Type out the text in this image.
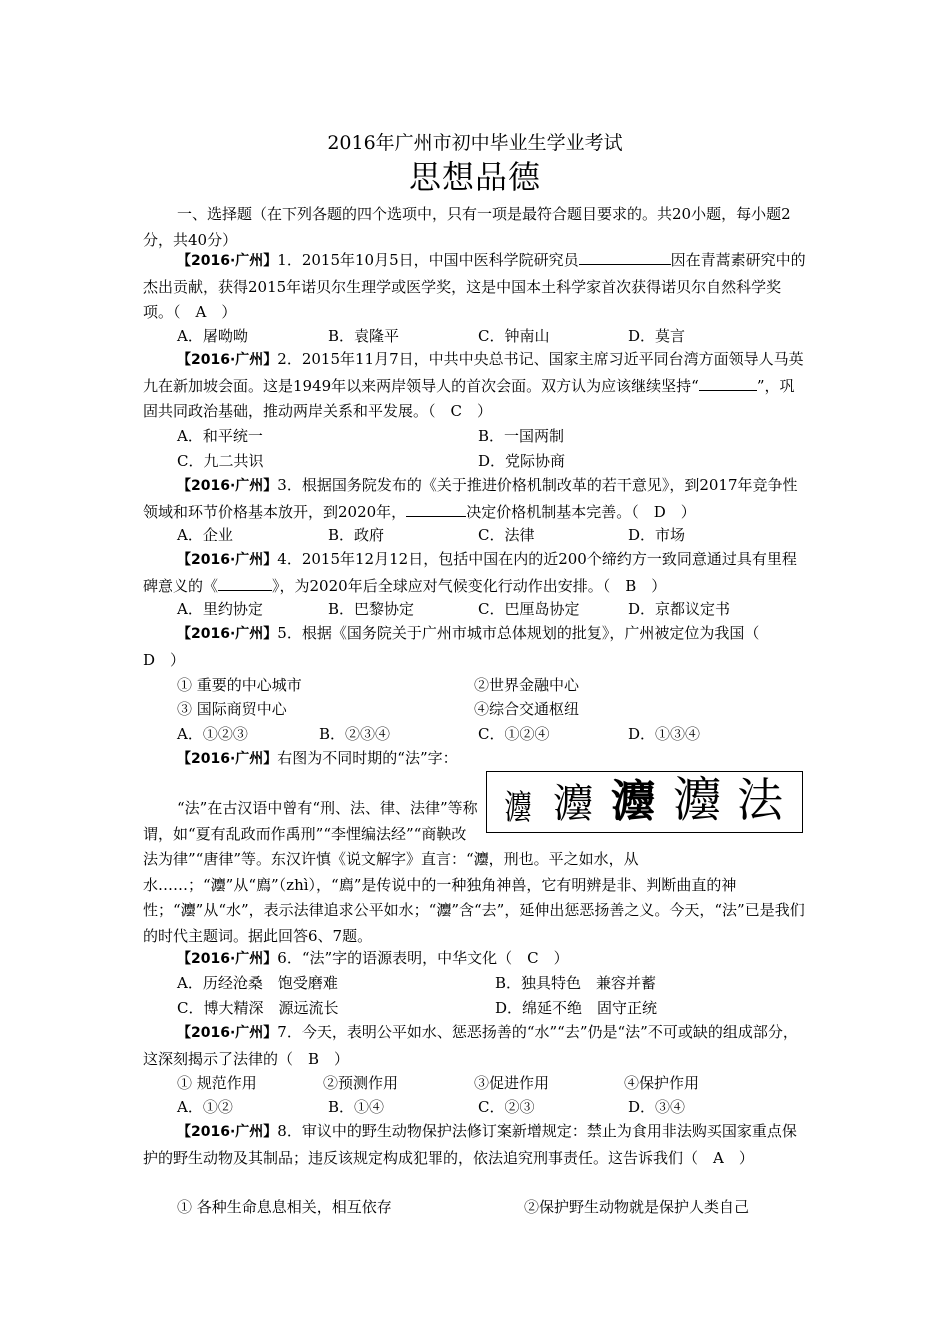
2016年广州市初中毕业生学业考试
思想品德

一、选择题（在下列各题的四个选项中，只有一项是最符合题目要求的。共20小题，每小题2分，共40分）

【2016·广州】1．2015年10月5日，中国中医科学院研究员	因在青蒿素研究中的杰出贡献，获得2015年诺贝尔生理学或医学奖，这是中国本土科学家首次获得诺贝尔自然科学奖项。（　A　）

A．屠呦呦	B．袁隆平	C．钟南山	D．莫言

【2016·广州】2．2015年11月7日，中共中央总书记、国家主席习近平同台湾方面领导人马英九在新加坡会面。这是1949年以来两岸领导人的首次会面。双方认为应该继续坚持“	”，巩固共同政治基础，推动两岸关系和平发展。（　C　）

A．和平统一	B．一国两制
C．九二共识	D．党际协商

【2016·广州】3．根据国务院发布的《关于推进价格机制改革的若干意见》，到2017年竞争性领域和环节价格基本放开，到2020年，	决定价格机制基本完善。（　D　）

A．企业	B．政府	C．法律	D．市场

【2016·广州】4．2015年12月12日，包括中国在内的近200个缔约方一致同意通过具有里程碑意义的《	》，为2020年后全球应对气候变化行动作出安排。（　B　）

A．里约协定	B．巴黎协定	C．巴厘岛协定	D．京都议定书

【2016·广州】5．根据《国务院关于广州市城市总体规划的批复》，广州被定位为我国（　D　）

① 重要的中心城市	②世界金融中心
③ 国际商贸中心	④综合交通枢纽
A．①②③	B．②③④	C．①②④	D．①③④

【2016·广州】右图为不同时期的“法”字：

灋 灋 灋 灋 法

“法”在古汉语中曾有“刑、法、律、法律”等称谓，如“夏有乱政而作禹刑”“李悝编法经”“商鞅改法为律”“唐律”等。东汉许慎《说文解字》直言：“灋，刑也。平之如水，从水……；“灋”从“廌”（zhì），“廌”是传说中的一种独角神兽，它有明辨是非、判断曲直的神性；“灋”从“水”，表示法律追求公平如水；“灋”含“去”，延伸出惩恶扬善之义。今天，“法”已是我们的时代主题词。据此回答6、7题。

【2016·广州】6．“法”字的语源表明，中华文化（　C　）

A．历经沧桑　饱受磨难	B．独具特色　兼容并蓄
C．博大精深　源远流长	D．绵延不绝　固守正统

【2016·广州】7．今天，表明公平如水、惩恶扬善的“水”“去”仍是“法”不可或缺的组成部分，这深刻揭示了法律的（　B　）

① 规范作用	②预测作用	③促进作用	④保护作用
A．①②	B．①④	C．②③	D．③④

【2016·广州】8．审议中的野生动物保护法修订案新增规定：禁止为食用非法购买国家重点保护的野生动物及其制品；违反该规定构成犯罪的，依法追究刑事责任。这告诉我们（　A　）

① 各种生命息息相关，相互依存	②保护野生动物就是保护人类自己
